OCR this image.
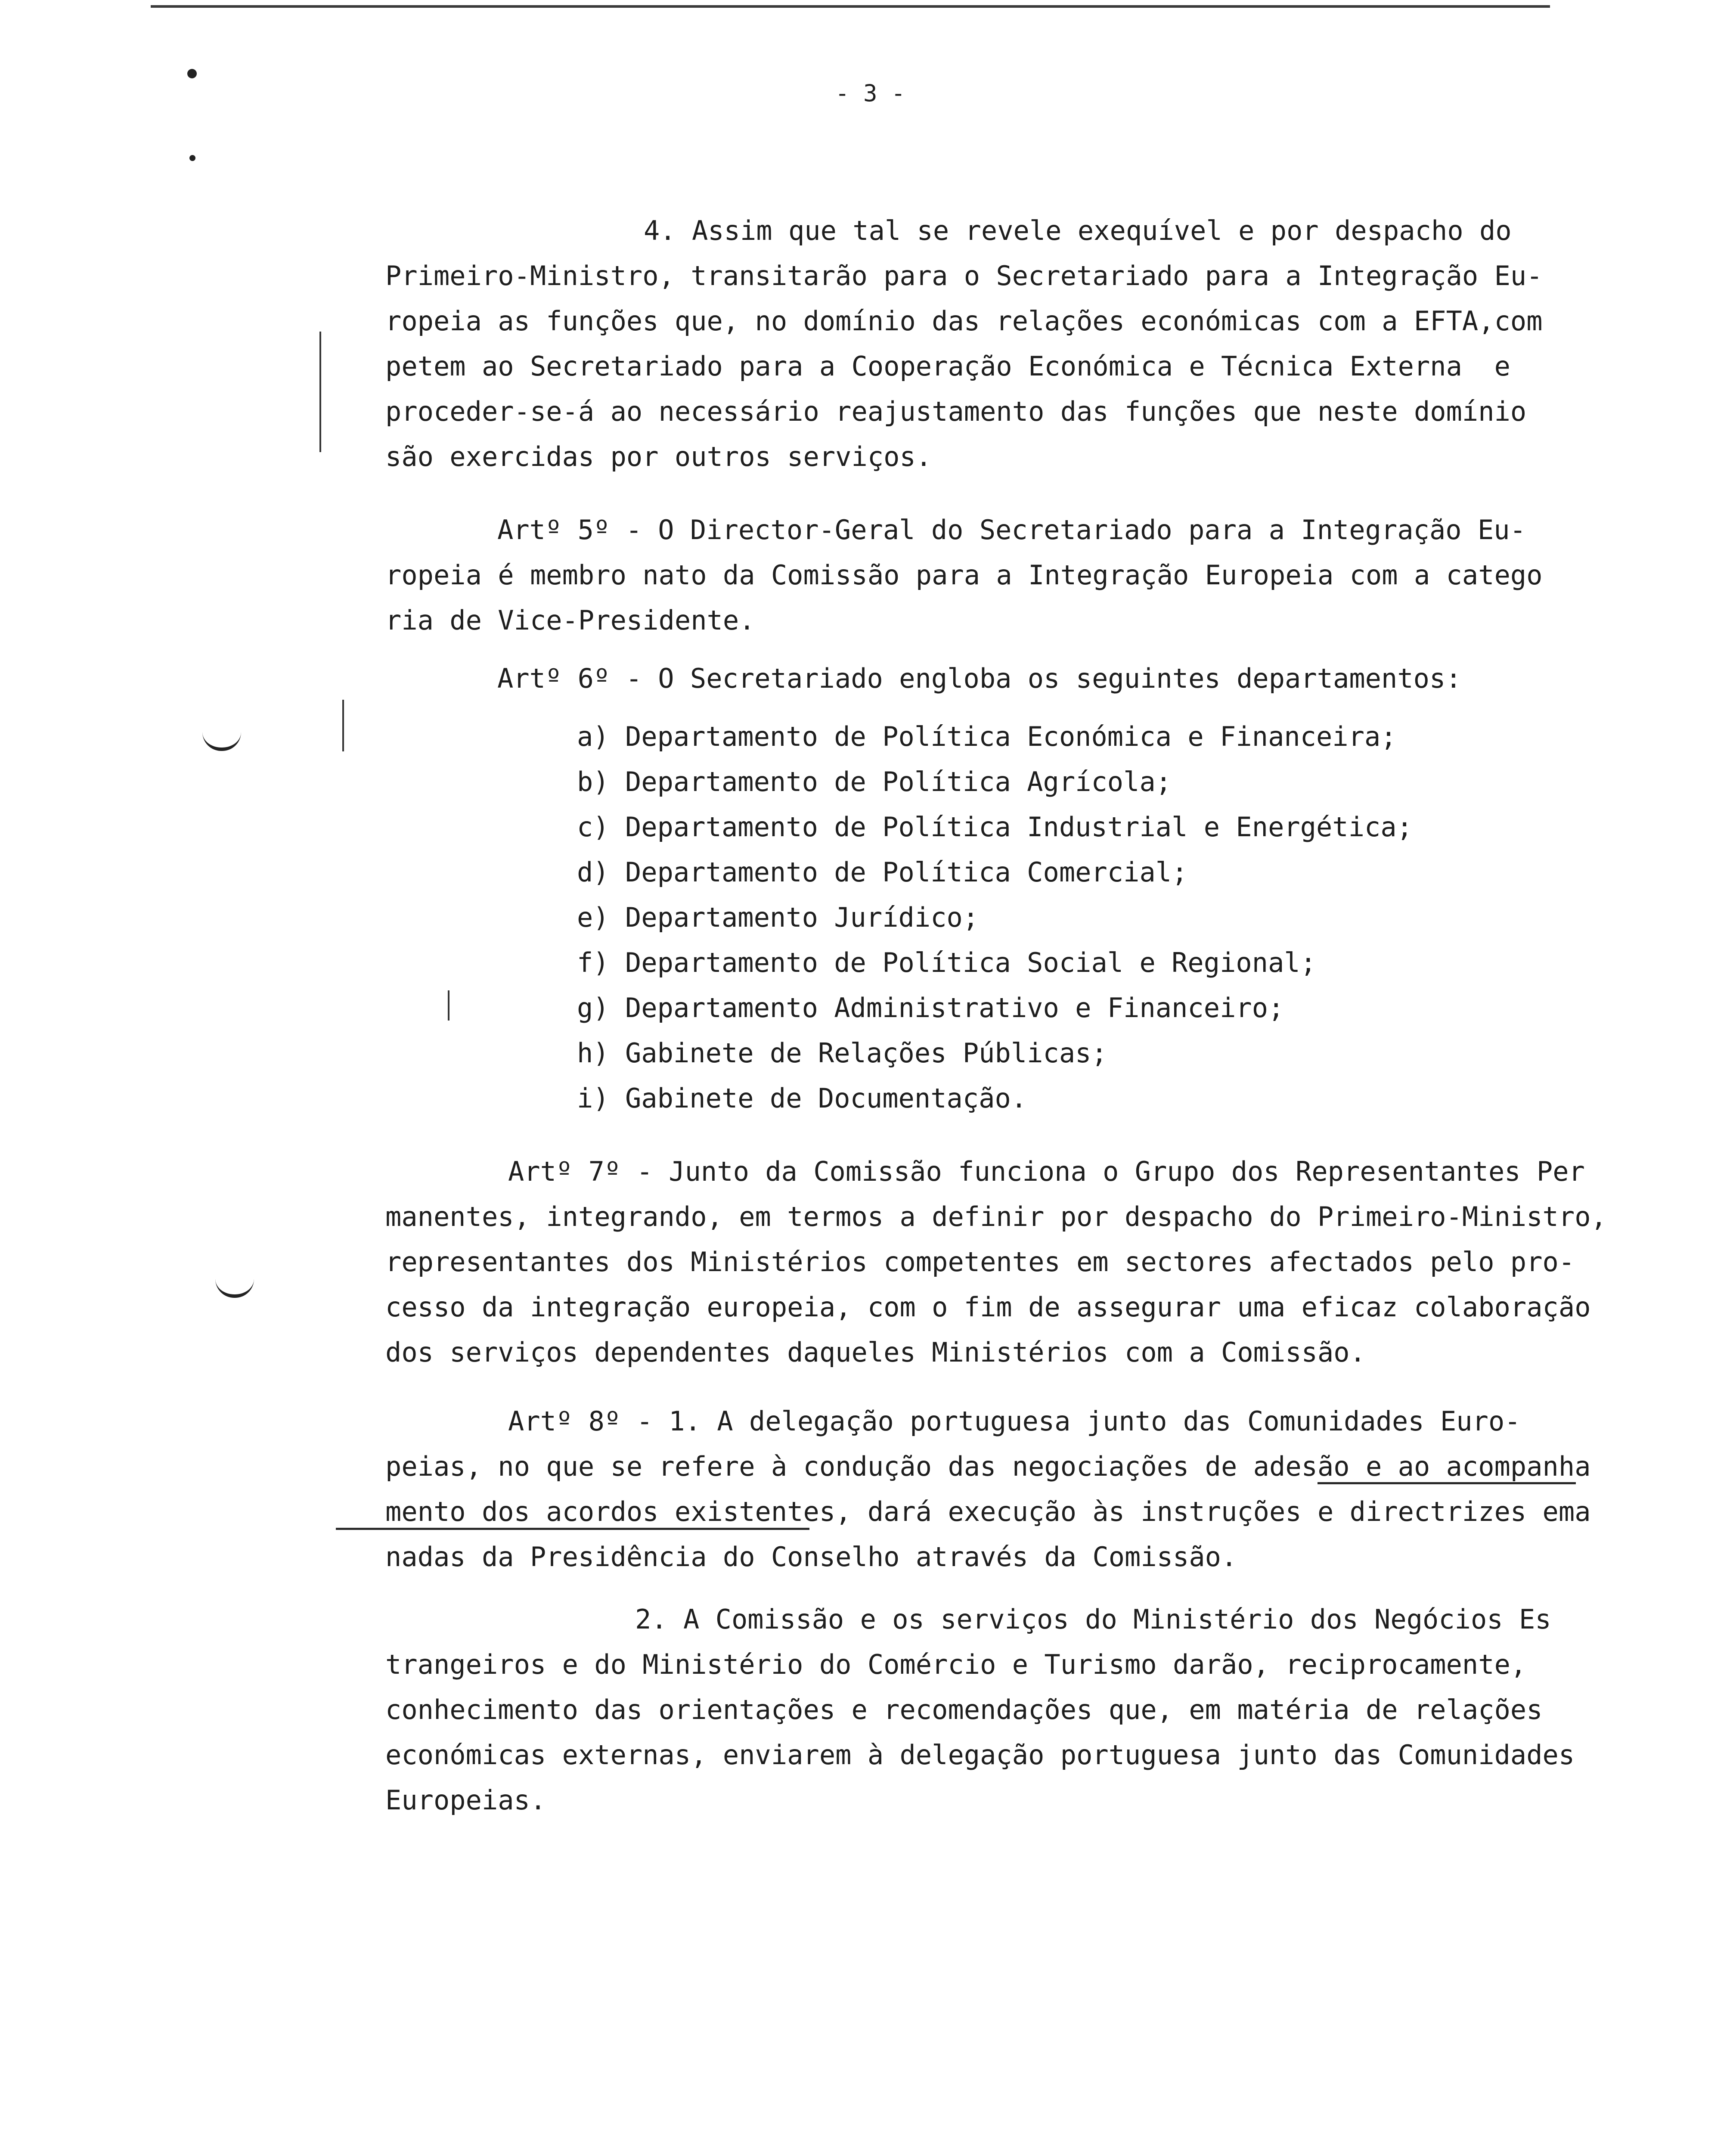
- 3 -
4. Assim que tal se revele exequível e por despacho do
Primeiro-Ministro, transitarão para o Secretariado para a Integração Eu-
ropeia as funções que, no domínio das relações económicas com a EFTA,com
petem ao Secretariado para a Cooperação Económica e Técnica Externa  e
proceder-se-á ao necessário reajustamento das funções que neste domínio
são exercidas por outros serviços.
Artº 5º - O Director-Geral do Secretariado para a Integração Eu-
ropeia é membro nato da Comissão para a Integração Europeia com a catego
ria de Vice-Presidente.
Artº 6º - O Secretariado engloba os seguintes departamentos:
a) Departamento de Política Económica e Financeira;
b) Departamento de Política Agrícola;
c) Departamento de Política Industrial e Energética;
d) Departamento de Política Comercial;
e) Departamento Jurídico;
f) Departamento de Política Social e Regional;
g) Departamento Administrativo e Financeiro;
h) Gabinete de Relações Públicas;
i) Gabinete de Documentação.
Artº 7º - Junto da Comissão funciona o Grupo dos Representantes Per
manentes, integrando, em termos a definir por despacho do Primeiro-Ministro,
representantes dos Ministérios competentes em sectores afectados pelo pro-
cesso da integração europeia, com o fim de assegurar uma eficaz colaboração
dos serviços dependentes daqueles Ministérios com a Comissão.
Artº 8º - 1. A delegação portuguesa junto das Comunidades Euro-
peias, no que se refere à condução das negociações de adesão e ao acompanha
mento dos acordos existentes, dará execução às instruções e directrizes ema
nadas da Presidência do Conselho através da Comissão.
2. A Comissão e os serviços do Ministério dos Negócios Es
trangeiros e do Ministério do Comércio e Turismo darão, reciprocamente,
conhecimento das orientações e recomendações que, em matéria de relações
económicas externas, enviarem à delegação portuguesa junto das Comunidades
Europeias.
